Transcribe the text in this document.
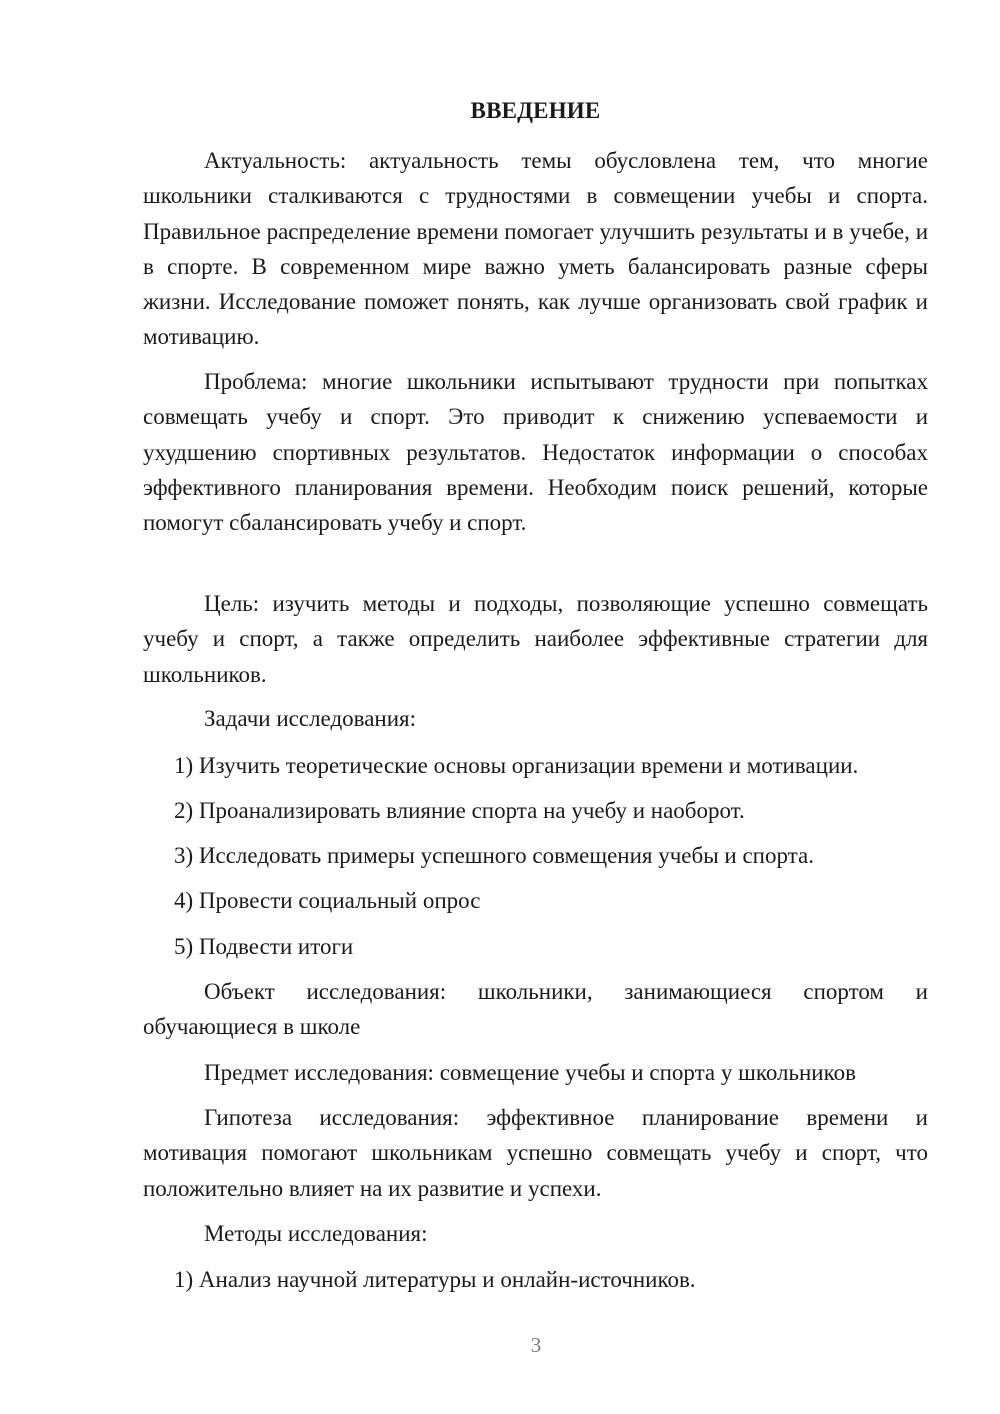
ВВЕДЕНИЕ

Актуальность: актуальность темы обусловлена тем, что многие школьники сталкиваются с трудностями в совмещении учебы и спорта. Правильное распределение времени помогает улучшить результаты и в учебе, и в спорте. В современном мире важно уметь балансировать разные сферы жизни. Исследование поможет понять, как лучше организовать свой график и мотивацию.

Проблема: многие школьники испытывают трудности при попытках совмещать учебу и спорт. Это приводит к снижению успеваемости и ухудшению спортивных результатов. Недостаток информации о способах эффективного планирования времени. Необходим поиск решений, которые помогут сбалансировать учебу и спорт.

Цель: изучить методы и подходы, позволяющие успешно совмещать учебу и спорт, а также определить наиболее эффективные стратегии для школьников.

Задачи исследования:

1) Изучить теоретические основы организации времени и мотивации.

2) Проанализировать влияние спорта на учебу и наоборот.

3) Исследовать примеры успешного совмещения учебы и спорта.

4) Провести социальный опрос

5) Подвести итоги

Объект исследования: школьники, занимающиеся спортом и обучающиеся в школе

Предмет исследования: совмещение учебы и спорта у школьников

Гипотеза исследования: эффективное планирование времени и мотивация помогают школьникам успешно совмещать учебу и спорт, что положительно влияет на их развитие и успехи.

Методы исследования:

1) Анализ научной литературы и онлайн-источников.

3
